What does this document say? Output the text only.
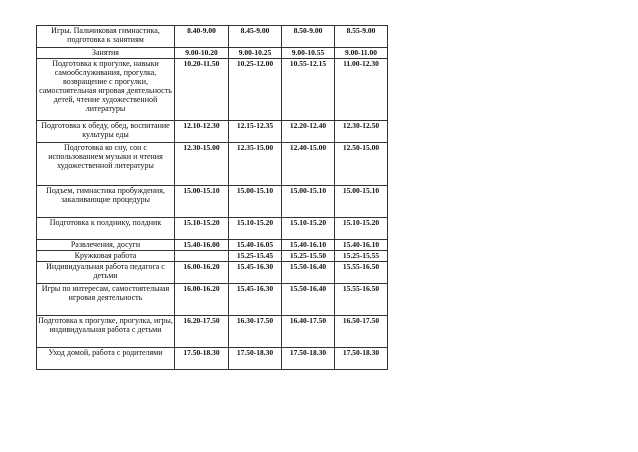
Игры. Пальчиковая гимнастика, подготовка к занятиям	8.40-9.00	8.45-9.00	8.50-9.00	8.55-9.00
Занятия	9.00-10.20	9.00-10.25	9.00-10.55	9.00-11.00
Подготовка к прогулке, навыки самообслуживания, прогулка, возвращение с прогулки, самостоятельная игровая деятельность детей, чтение художественной литературы	10.20-11.50	10.25-12.00	10.55-12.15	11.00-12.30
Подготовка к обеду, обед, воспитание культуры еды	12.10-12.30	12.15-12.35	12.20-12.40	12.30-12.50
Подготовка ко сну, сон с использованием музыки и чтения художественной литературы	12.30-15.00	12.35-15.00	12.40-15.00	12.50-15.00
Подъем, гимнастика пробуждения, закаливающие процедуры	15.00-15.10	15.00-15.10	15.00-15.10	15.00-15.10
Подготовка к полднику, полдник	15.10-15.20	15.10-15.20	15.10-15.20	15.10-15.20
Развлечения, досуги	15.40-16.00	15.40-16.05	15.40-16.10	15.40-16.10
Кружковая работа		15.25-15.45	15.25-15.50	15.25-15.55
Индивидуальная работа педагога с детьми	16.00-16.20	15.45-16.30	15.50-16.40	15.55-16.50
Игры по интересам, самостоятельная игровая деятельность	16.00-16.20	15.45-16.30	15.50-16.40	15.55-16.50
Подготовка к прогулке, прогулка, игры, индивидуальная работа с детьми	16.20-17.50	16.30-17.50	16.40-17.50	16.50-17.50
Уход домой, работа с родителями	17.50-18.30	17.50-18.30	17.50-18.30	17.50-18.30
